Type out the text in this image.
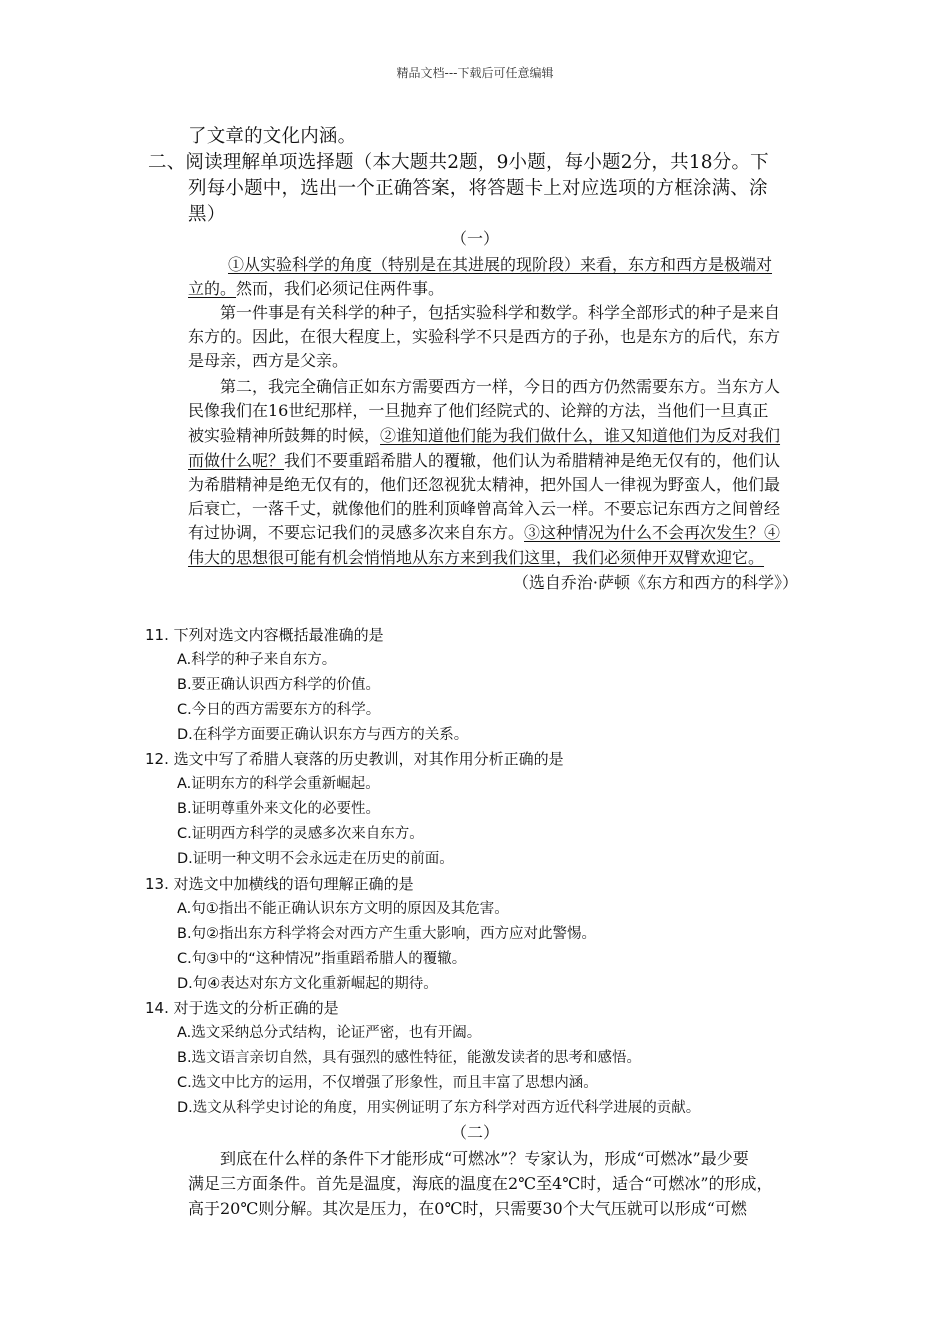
精品文档---下载后可任意编辑
了文章的文化内涵。
二、阅读理解单项选择题（本大题共2题，9小题，每小题2分，共18分。下
列每小题中，选出一个正确答案，将答题卡上对应选项的方框涂满、涂
黑）
（一）
①从实验科学的角度（特别是在其进展的现阶段）来看，东方和西方是极端对
立的。然而，我们必须记住两件事。
第一件事是有关科学的种子，包括实验科学和数学。科学全部形式的种子是来自
东方的。因此，在很大程度上，实验科学不只是西方的子孙，也是东方的后代，东方
是母亲，西方是父亲。
第二，我完全确信正如东方需要西方一样，今日的西方仍然需要东方。当东方人
民像我们在16世纪那样，一旦抛弃了他们经院式的、论辩的方法，当他们一旦真正
被实验精神所鼓舞的时候，②谁知道他们能为我们做什么，谁又知道他们为反对我们
而做什么呢？我们不要重蹈希腊人的覆辙，他们认为希腊精神是绝无仅有的，他们认
为希腊精神是绝无仅有的，他们还忽视犹太精神，把外国人一律视为野蛮人，他们最
后衰亡，一落千丈，就像他们的胜利顶峰曾高耸入云一样。不要忘记东西方之间曾经
有过协调，不要忘记我们的灵感多次来自东方。③这种情况为什么不会再次发生？④
伟大的思想很可能有机会悄悄地从东方来到我们这里，我们必须伸开双臂欢迎它。
（选自乔治·萨顿《东方和西方的科学》）
11. 下列对选文内容概括最准确的是
A.科学的种子来自东方。
B.要正确认识西方科学的价值。
C.今日的西方需要东方的科学。
D.在科学方面要正确认识东方与西方的关系。
12. 选文中写了希腊人衰落的历史教训，对其作用分析正确的是
A.证明东方的科学会重新崛起。
B.证明尊重外来文化的必要性。
C.证明西方科学的灵感多次来自东方。
D.证明一种文明不会永远走在历史的前面。
13. 对选文中加横线的语句理解正确的是
A.句①指出不能正确认识东方文明的原因及其危害。
B.句②指出东方科学将会对西方产生重大影响，西方应对此警惕。
C.句③中的“这种情况”指重蹈希腊人的覆辙。
D.句④表达对东方文化重新崛起的期待。
14. 对于选文的分析正确的是
A.选文采纳总分式结构，论证严密，也有开阖。
B.选文语言亲切自然，具有强烈的感性特征，能激发读者的思考和感悟。
C.选文中比方的运用，不仅增强了形象性，而且丰富了思想内涵。
D.选文从科学史讨论的角度，用实例证明了东方科学对西方近代科学进展的贡献。
（二）
到底在什么样的条件下才能形成“可燃冰”？专家认为，形成“可燃冰”最少要
满足三方面条件。首先是温度，海底的温度在2℃至4℃时，适合“可燃冰”的形成，
高于20℃则分解。其次是压力，在0℃时，只需要30个大气压就可以形成“可燃
